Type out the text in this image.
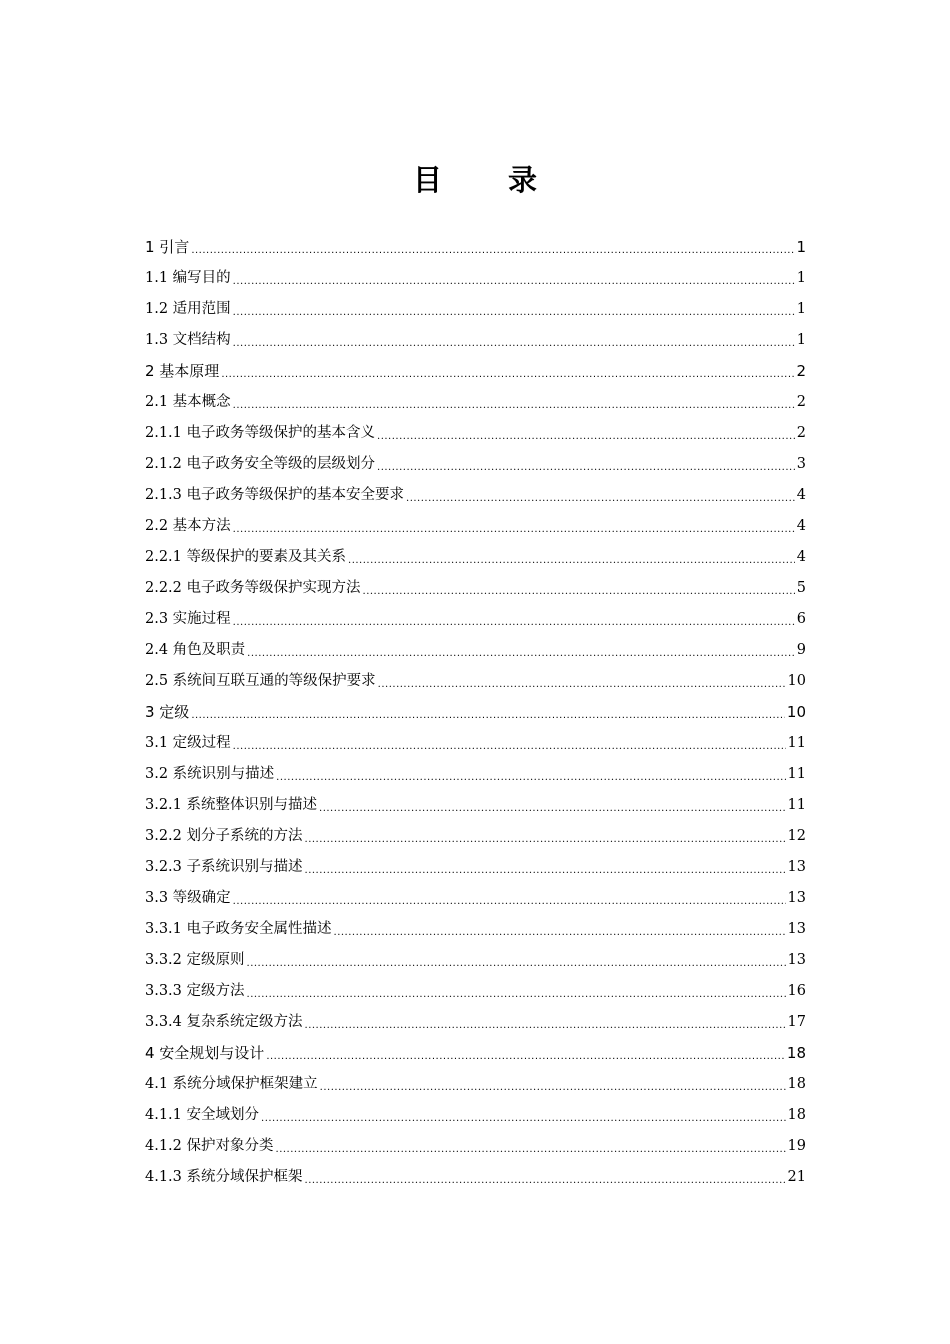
目 录
1 引言 .....	1
1.1 编写目的 .....	1
1.2 适用范围 .....	1
1.3 文档结构 .....	1
2 基本原理 .....	2
2.1 基本概念 .....	2
2.1.1 电子政务等级保护的基本含义 .....	2
2.1.2 电子政务安全等级的层级划分 .....	3
2.1.3 电子政务等级保护的基本安全要求 .....	4
2.2 基本方法 .....	4
2.2.1 等级保护的要素及其关系 .....	4
2.2.2 电子政务等级保护实现方法 .....	5
2.3 实施过程 .....	6
2.4 角色及职责 .....	9
2.5 系统间互联互通的等级保护要求 .....	10
3 定级 .....	10
3.1 定级过程 .....	11
3.2 系统识别与描述 .....	11
3.2.1 系统整体识别与描述 .....	11
3.2.2 划分子系统的方法 .....	12
3.2.3 子系统识别与描述 .....	13
3.3 等级确定 .....	13
3.3.1 电子政务安全属性描述 .....	13
3.3.2 定级原则 .....	13
3.3.3 定级方法 .....	16
3.3.4 复杂系统定级方法 .....	17
4 安全规划与设计 .....	18
4.1 系统分域保护框架建立 .....	18
4.1.1 安全域划分 .....	18
4.1.2 保护对象分类 .....	19
4.1.3 系统分域保护框架 .....	21
